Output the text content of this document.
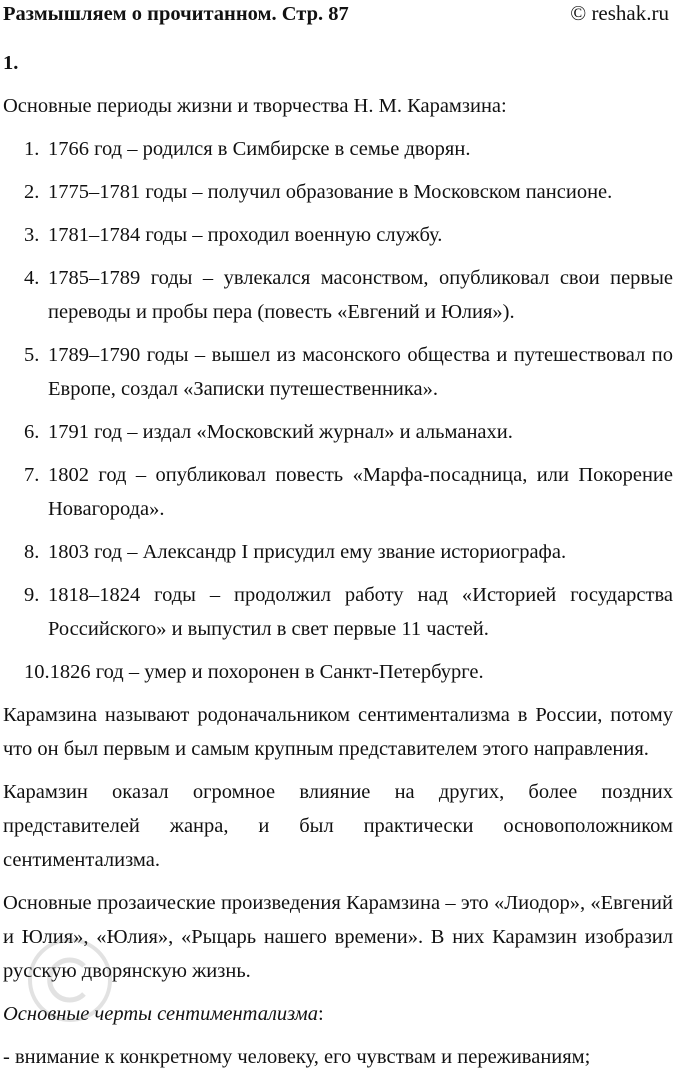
Размышляем о прочитанном. Стр. 87	© reshak.ru
1.
Основные периоды жизни и творчества Н. М. Карамзина:
1. 1766 год – родился в Симбирске в семье дворян.
2. 1775–1781 годы – получил образование в Московском пансионе.
3. 1781–1784 годы – проходил военную службу.
4. 1785–1789 годы – увлекался масонством, опубликовал свои первые переводы и пробы пера (повесть «Евгений и Юлия»).
5. 1789–1790 годы – вышел из масонского общества и путешествовал по Европе, создал «Записки путешественника».
6. 1791 год – издал «Московский журнал» и альманахи.
7. 1802 год – опубликовал повесть «Марфа-посадница, или Покорение Новагорода».
8. 1803 год – Александр I присудил ему звание историографа.
9. 1818–1824 годы – продолжил работу над «Историей государства Российского» и выпустил в свет первые 11 частей.
10. 1826 год – умер и похоронен в Санкт-Петербурге.
Карамзина называют родоначальником сентиментализма в России, потому что он был первым и самым крупным представителем этого направления.
Карамзин оказал огромное влияние на других, более поздних представителей жанра, и был практически основоположником сентиментализма.
Основные прозаические произведения Карамзина – это «Лиодор», «Евгений и Юлия», «Юлия», «Рыцарь нашего времени». В них Карамзин изобразил русскую дворянскую жизнь.
Основные черты сентиментализма:
- внимание к конкретному человеку, его чувствам и переживаниям;
